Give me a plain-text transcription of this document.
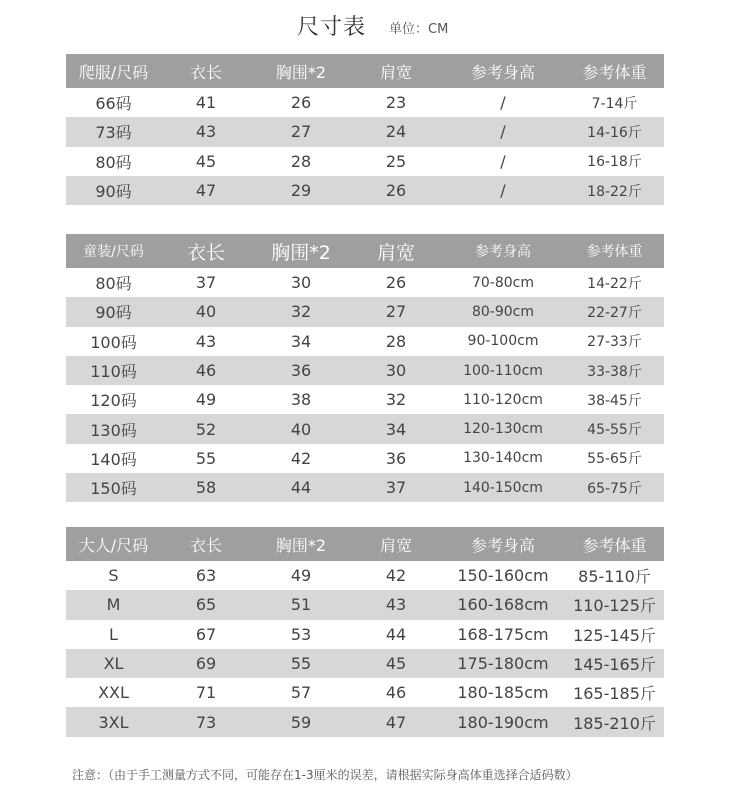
尺寸表 单位：CM
爬服/尺码	衣长	胸围*2	肩宽	参考身高	参考体重
66码	41	26	23	/	7-14斤
73码	43	27	24	/	14-16斤
80码	45	28	25	/	16-18斤
90码	47	29	26	/	18-22斤
童装/尺码	衣长	胸围*2	肩宽	参考身高	参考体重
80码	37	30	26	70-80cm	14-22斤
90码	40	32	27	80-90cm	22-27斤
100码	43	34	28	90-100cm	27-33斤
110码	46	36	30	100-110cm	33-38斤
120码	49	38	32	110-120cm	38-45斤
130码	52	40	34	120-130cm	45-55斤
140码	55	42	36	130-140cm	55-65斤
150码	58	44	37	140-150cm	65-75斤
大人/尺码	衣长	胸围*2	肩宽	参考身高	参考体重
S	63	49	42	150-160cm	85-110斤
M	65	51	43	160-168cm	110-125斤
L	67	53	44	168-175cm	125-145斤
XL	69	55	45	175-180cm	145-165斤
XXL	71	57	46	180-185cm	165-185斤
3XL	73	59	47	180-190cm	185-210斤
注意：（由于手工测量方式不同，可能存在1-3厘米的误差，请根据实际身高体重选择合适码数）
